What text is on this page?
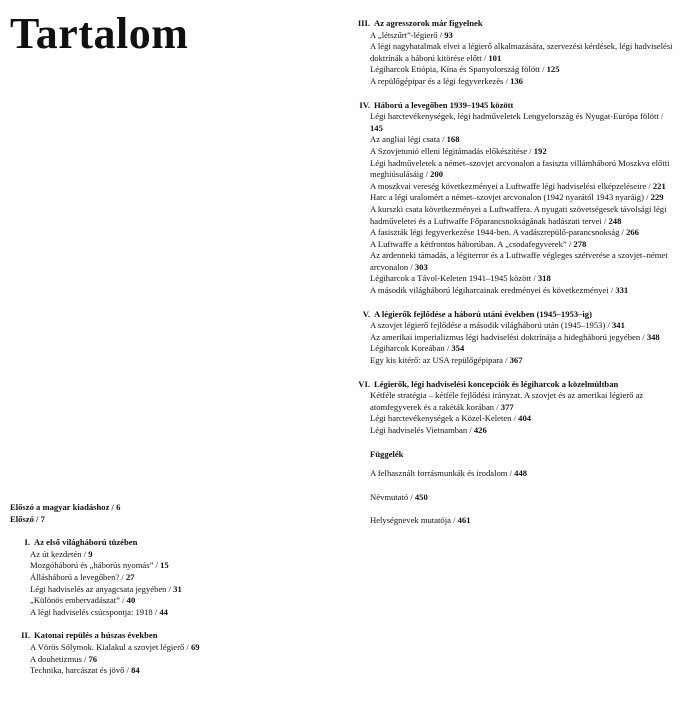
Tartalom
Előszó a magyar kiadáshoz / 6
Előszó / 7
I. Az első világháború tüzében
Az út kezdetén / 9
Mozgóháború és „háborús nyomás” / 15
Állásháború a levegőben? / 27
Légi hadviselés az anyagcsata jegyében / 31
„Különös embervadászat” / 40
A légi hadviselés csúcspontja: 1918 / 44
II. Katonai repülés a húszas években
A Vörös Sólymok. Kialakul a szovjet légierő / 69
A douhetizmus / 76
Technika, harcászat és jövő / 84
III. Az agresszorok már figyelnek
A „létszűrt”-légierő / 93
A légi nagyhatalmak elvei a légierő alkalmazására, szervezési kérdések, légi hadviselési doktrínák a háború kitörése előtt / 101
Légiharcok Etiópia, Kína és Spanyolország fölött / 125
A repülőgépipar és a légi fegyverkezés / 136
IV. Háború a levegőben 1939–1945 között
Légi harctevékenységek, légi hadműveletek Lengyelország és Nyugat-Európa fölött / 145
Az angliai légi csata / 168
A Szovjetunió elleni légitámadás előkészítése / 192
Légi hadműveletek a német–szovjet arcvonalon a fasiszta villámháború Moszkva előtti meghiúsulásáig / 200
A moszkvai vereség következményei a Luftwaffe légi hadviselési elképzeléseire / 221
Harc a légi uralomért a német–szovjet arcvonalon (1942 nyarától 1943 nyaráig) / 229
A kurszki csata következményei a Luftwaffera. A nyugati szövetségesek távolsági légi hadműveletei és a Luftwaffe Főparancsnokságának hadászati tervei / 248
A fasiszták légi fegyverkezése 1944-ben. A vadászrepülő-parancsnokság / 266
A Luftwaffe a kétfrontos háborúban. A „csodafegyverek” / 278
Az ardenneki támadás, a légiterror és a Luftwaffe végleges szétverése a szovjet–német arcvonalon / 303
Légiharcok a Távol-Keleten 1941–1945 között / 318
A második világháború légiharcainak eredményei és következményei / 331
V. A légierők fejlődése a háború utáni években (1945–1953–ig)
A szovjet légierő fejlődése a második világháború után (1945–1953) / 341
Az amerikai imperializmus légi hadviselési doktrínája a hidegháború jegyében / 348
Légiharcok Koreában / 354
Egy kis kitérő: az USA repülőgépipara / 367
VI. Légierők, légi hadviselési koncepciók és légiharcok a közelmúltban
Kétféle stratégia – kétféle fejlődési irányzat. A szovjet és az amerikai légierő az atomfegyverek és a rakéták korában / 377
Légi harctevékenységek a Közel-Keleten / 404
Légi hadviselés Vietnamban / 426
Függelék
A felhasznált forrásmunkák és irodalom / 448
Névmutató / 450
Helységnevek mutatója / 461
